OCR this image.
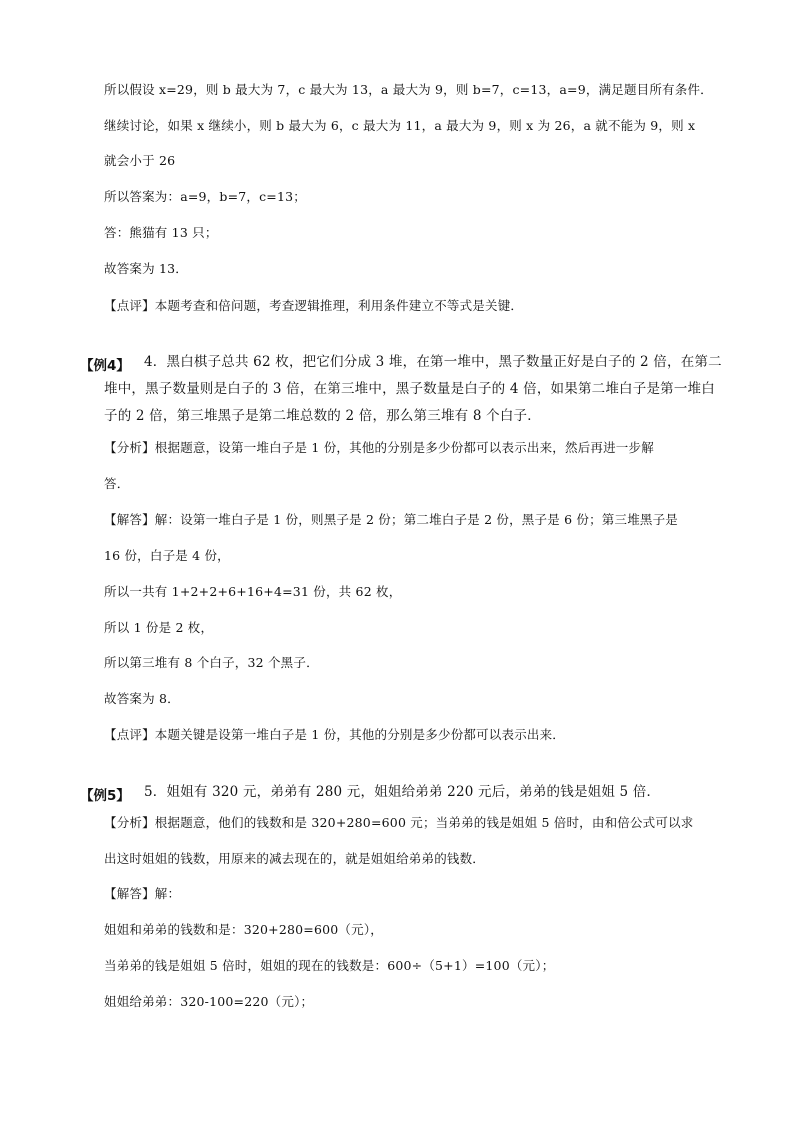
所以假设 x=29，则 b 最大为 7，c 最大为 13，a 最大为 9，则 b=7，c=13，a=9，满足题目所有条件．
继续讨论，如果 x 继续小，则 b 最大为 6，c 最大为 11，a 最大为 9，则 x 为 26，a 就不能为 9，则 x
就会小于 26
所以答案为：a=9，b=7，c=13；
答：熊猫有 13 只；
故答案为 13．
【点评】本题考查和倍问题，考查逻辑推理，利用条件建立不等式是关键．
【例4】 4．黑白棋子总共 62 枚，把它们分成 3 堆，在第一堆中，黑子数量正好是白子的 2 倍，在第二
堆中，黑子数量则是白子的 3 倍，在第三堆中，黑子数量是白子的 4 倍，如果第二堆白子是第一堆白
子的 2 倍，第三堆黑子是第二堆总数的 2 倍，那么第三堆有 8 个白子．
【分析】根据题意，设第一堆白子是 1 份，其他的分别是多少份都可以表示出来，然后再进一步解
答．
【解答】解：设第一堆白子是 1 份，则黑子是 2 份；第二堆白子是 2 份，黑子是 6 份；第三堆黑子是
16 份，白子是 4 份，
所以一共有 1+2+2+6+16+4=31 份，共 62 枚，
所以 1 份是 2 枚，
所以第三堆有 8 个白子，32 个黑子．
故答案为 8．
【点评】本题关键是设第一堆白子是 1 份，其他的分别是多少份都可以表示出来．
【例5】 5．姐姐有 320 元，弟弟有 280 元，姐姐给弟弟 220 元后，弟弟的钱是姐姐 5 倍．
【分析】根据题意，他们的钱数和是 320+280=600 元；当弟弟的钱是姐姐 5 倍时，由和倍公式可以求
出这时姐姐的钱数，用原来的减去现在的，就是姐姐给弟弟的钱数．
【解答】解：
姐姐和弟弟的钱数和是：320+280=600（元），
当弟弟的钱是姐姐 5 倍时，姐姐的现在的钱数是：600÷（5+1）=100（元）；
姐姐给弟弟：320-100=220（元）；
